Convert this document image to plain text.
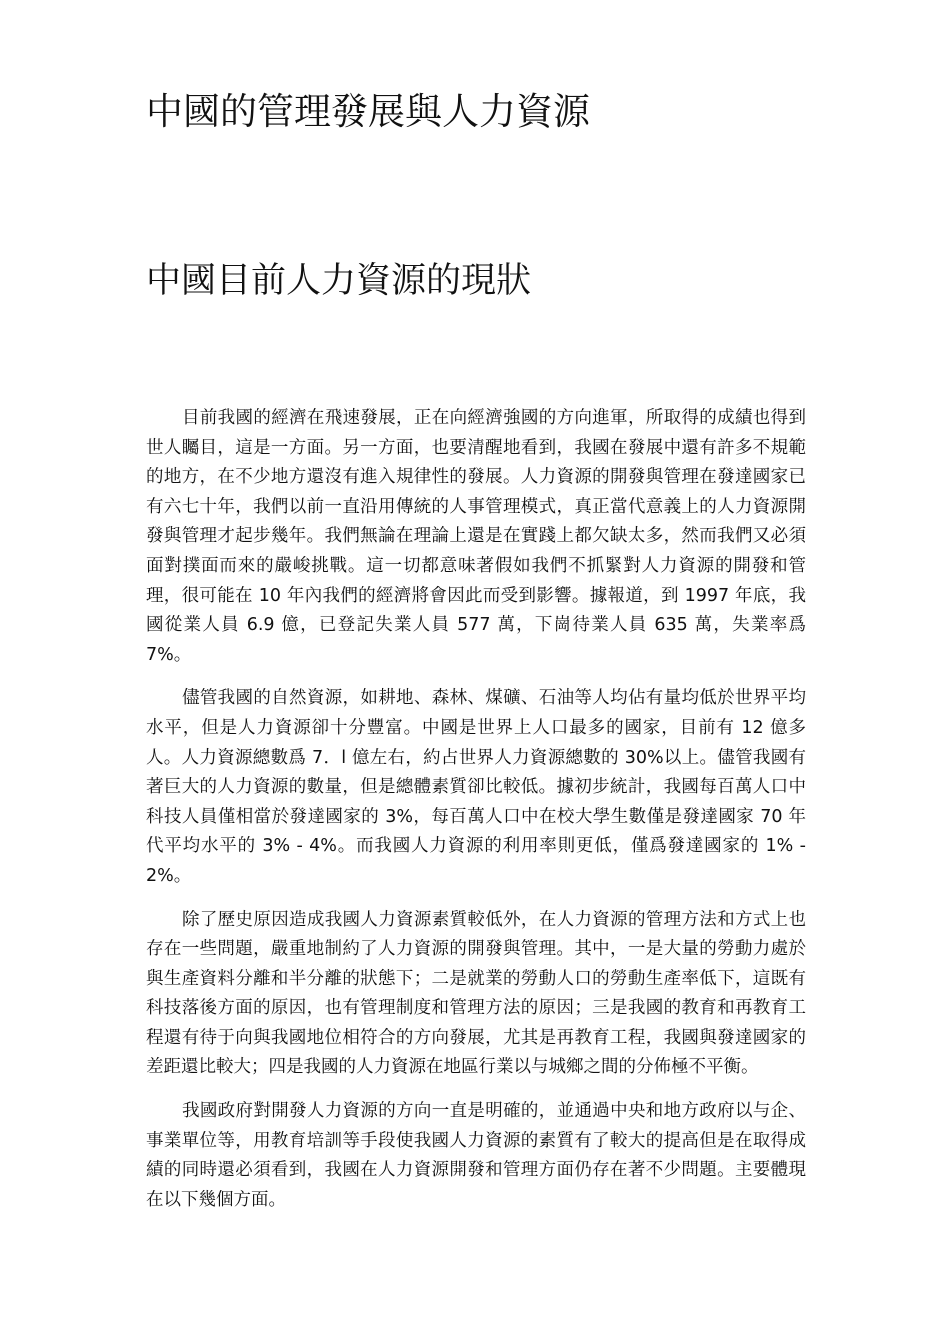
中國的管理發展與人力資源
中國目前人力資源的現狀

目前我國的經濟在飛速發展，正在向經濟強國的方向進軍，所取得的成績也得到世人矚目，這是一方面。另一方面，也要清醒地看到，我國在發展中還有許多不規範的地方，在不少地方還沒有進入規律性的發展。人力資源的開發與管理在發達國家已有六七十年，我們以前一直沿用傳統的人事管理模式，真正當代意義上的人力資源開發與管理才起步幾年。我們無論在理論上還是在實踐上都欠缺太多，然而我們又必須面對撲面而來的嚴峻挑戰。這一切都意味著假如我們不抓緊對人力資源的開發和管理，很可能在 10 年內我們的經濟將會因此而受到影響。據報道，到 1997 年底，我國從業人員 6.9 億，已登記失業人員 577 萬，下崗待業人員 635 萬，失業率爲 7%。

儘管我國的自然資源，如耕地、森林、煤礦、石油等人均佔有量均低於世界平均水平，但是人力資源卻十分豐富。中國是世界上人口最多的國家，目前有 12 億多人。人力資源總數爲 7．l 億左右，約占世界人力資源總數的 30%以上。儘管我國有著巨大的人力資源的數量，但是總體素質卻比較低。據初步統計，我國每百萬人口中科技人員僅相當於發達國家的 3%，每百萬人口中在校大學生數僅是發達國家 70 年代平均水平的 3% - 4%。而我國人力資源的利用率則更低，僅爲發達國家的 1% - 2%。

除了歷史原因造成我國人力資源素質較低外，在人力資源的管理方法和方式上也存在一些問題，嚴重地制約了人力資源的開發與管理。其中，一是大量的勞動力處於與生產資料分離和半分離的狀態下；二是就業的勞動人口的勞動生產率低下，這既有科技落後方面的原因，也有管理制度和管理方法的原因；三是我國的教育和再教育工程還有待于向與我國地位相符合的方向發展，尤其是再教育工程，我國與發達國家的差距還比較大；四是我國的人力資源在地區行業以与城鄉之間的分佈極不平衡。

我國政府對開發人力資源的方向一直是明確的，並通過中央和地方政府以与企、事業單位等，用教育培訓等手段使我國人力資源的素質有了較大的提高但是在取得成績的同時還必須看到，我國在人力資源開發和管理方面仍存在著不少問題。主要體現在以下幾個方面。
